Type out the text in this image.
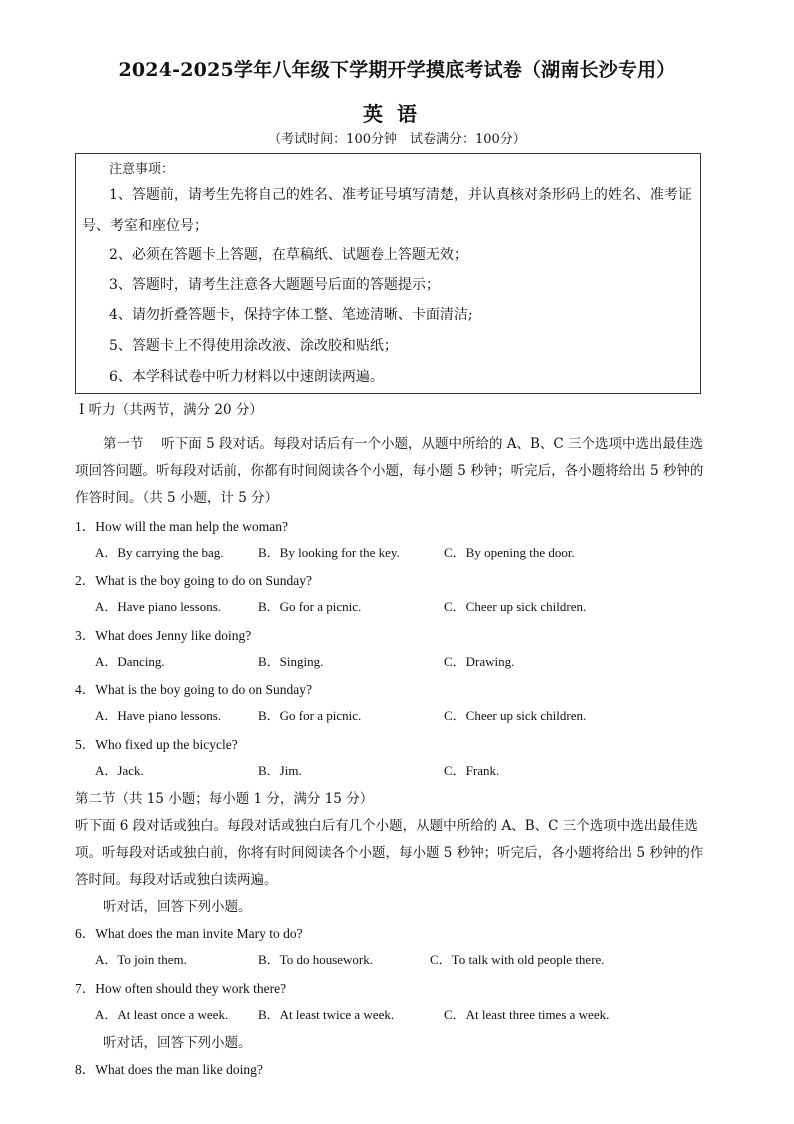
2024-2025学年八年级下学期开学摸底考试卷（湖南长沙专用）
英语
（考试时间：100分钟　试卷满分：100分）
注意事项：
1、答题前，请考生先将自己的姓名、准考证号填写清楚，并认真核对条形码上的姓名、准考证
号、考室和座位号；
2、必须在答题卡上答题，在草稿纸、试题卷上答题无效；
3、答题时，请考生注意各大题题号后面的答题提示；
4、请勿折叠答题卡，保持字体工整、笔迹清晰、卡面清洁;
5、答题卡上不得使用涂改液、涂改胶和贴纸；
6、本学科试卷中听力材料以中速朗读两遍。
Ⅰ 听力（共两节，满分 20 分）
第一节　 听下面 5 段对话。每段对话后有一个小题，从题中所给的 A、B、C 三个选项中选出最佳选
项回答问题。听每段对话前，你都有时间阅读各个小题，每小题 5 秒钟；听完后，各小题将给出 5 秒钟的
作答时间。（共 5 小题，计 5 分）
1．How will the man help the woman?
A．By carrying the bag.	B．By looking for the key.	C．By opening the door.
2．What is the boy going to do on Sunday?
A．Have piano lessons.	B．Go for a picnic.	C．Cheer up sick children.
3．What does Jenny like doing?
A．Dancing.	B．Singing.	C．Drawing.
4．What is the boy going to do on Sunday?
A．Have piano lessons.	B．Go for a picnic.	C．Cheer up sick children.
5．Who fixed up the bicycle?
A．Jack.	B．Jim.	C．Frank.
第二节（共 15 小题；每小题 1 分，满分 15 分）
听下面 6 段对话或独白。每段对话或独白后有几个小题，从题中所给的 A、B、C 三个选项中选出最佳选
项。听每段对话或独白前，你将有时间阅读各个小题，每小题 5 秒钟；听完后，各小题将给出 5 秒钟的作
答时间。每段对话或独白读两遍。
听对话，回答下列小题。
6．What does the man invite Mary to do?
A．To join them.	B．To do housework.	C．To talk with old people there.
7．How often should they work there?
A．At least once a week. B．At least twice a week.	C．At least three times a week.
听对话，回答下列小题。
8．What does the man like doing?
